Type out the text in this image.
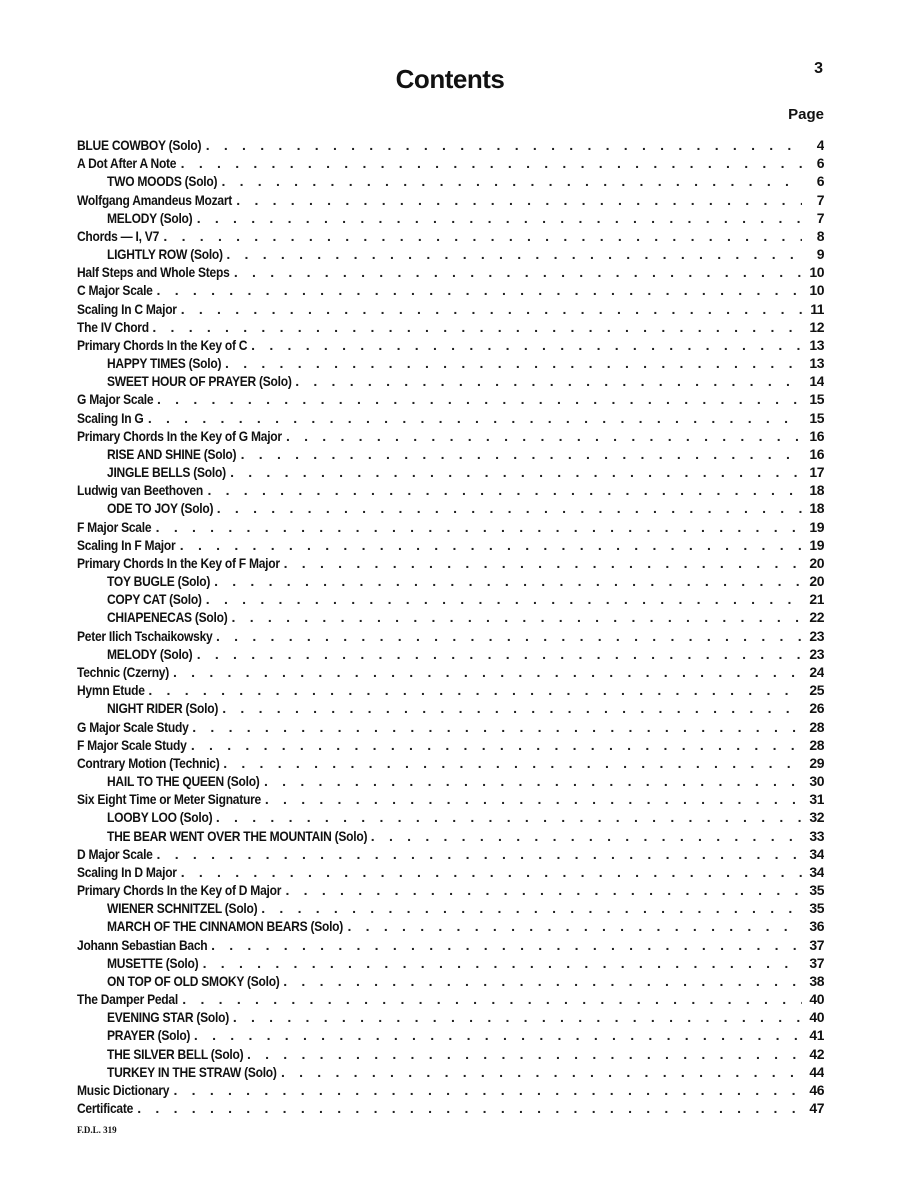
3
Contents
Page
BLUE COWBOY (Solo) . . .	4
A Dot After A Note . . .	6
TWO MOODS (Solo) . . .	6
Wolfgang Amandeus Mozart . . .	7
MELODY (Solo) . . .	7
Chords — I, V7 . . .	8
LIGHTLY ROW (Solo) . . .	9
Half Steps and Whole Steps . . .	10
C Major Scale . . .	10
Scaling In C Major . . .	11
The IV Chord . . .	12
Primary Chords In the Key of C . . .	13
HAPPY TIMES (Solo) . . .	13
SWEET HOUR OF PRAYER (Solo) . . .	14
G Major Scale . . .	15
Scaling In G . . .	15
Primary Chords In the Key of G Major . . .	16
RISE AND SHINE (Solo) . . .	16
JINGLE BELLS (Solo) . . .	17
Ludwig van Beethoven . . .	18
ODE TO JOY (Solo) . . .	18
F Major Scale . . .	19
Scaling In F Major . . .	19
Primary Chords In the Key of F Major . . .	20
TOY BUGLE (Solo) . . .	20
COPY CAT (Solo) . . .	21
CHIAPENECAS (Solo) . . .	22
Peter Ilich Tschaikowsky . . .	23
MELODY (Solo) . . .	23
Technic (Czerny) . . .	24
Hymn Etude . . .	25
NIGHT RIDER (Solo) . . .	26
G Major Scale Study . . .	28
F Major Scale Study . . .	28
Contrary Motion (Technic) . . .	29
HAIL TO THE QUEEN (Solo) . . .	30
Six Eight Time or Meter Signature . . .	31
LOOBY LOO (Solo) . . .	32
THE BEAR WENT OVER THE MOUNTAIN (Solo) . . .	33
D Major Scale . . .	34
Scaling In D Major . . .	34
Primary Chords In the Key of D Major . . .	35
WIENER SCHNITZEL (Solo) . . .	35
MARCH OF THE CINNAMON BEARS (Solo) . . .	36
Johann Sebastian Bach . . .	37
MUSETTE (Solo) . . .	37
ON TOP OF OLD SMOKY (Solo) . . .	38
The Damper Pedal . . .	40
EVENING STAR (Solo) . . .	40
PRAYER (Solo) . . .	41
THE SILVER BELL (Solo) . . .	42
TURKEY IN THE STRAW (Solo) . . .	44
Music Dictionary . . .	46
Certificate . . .	47
F.D.L. 319
